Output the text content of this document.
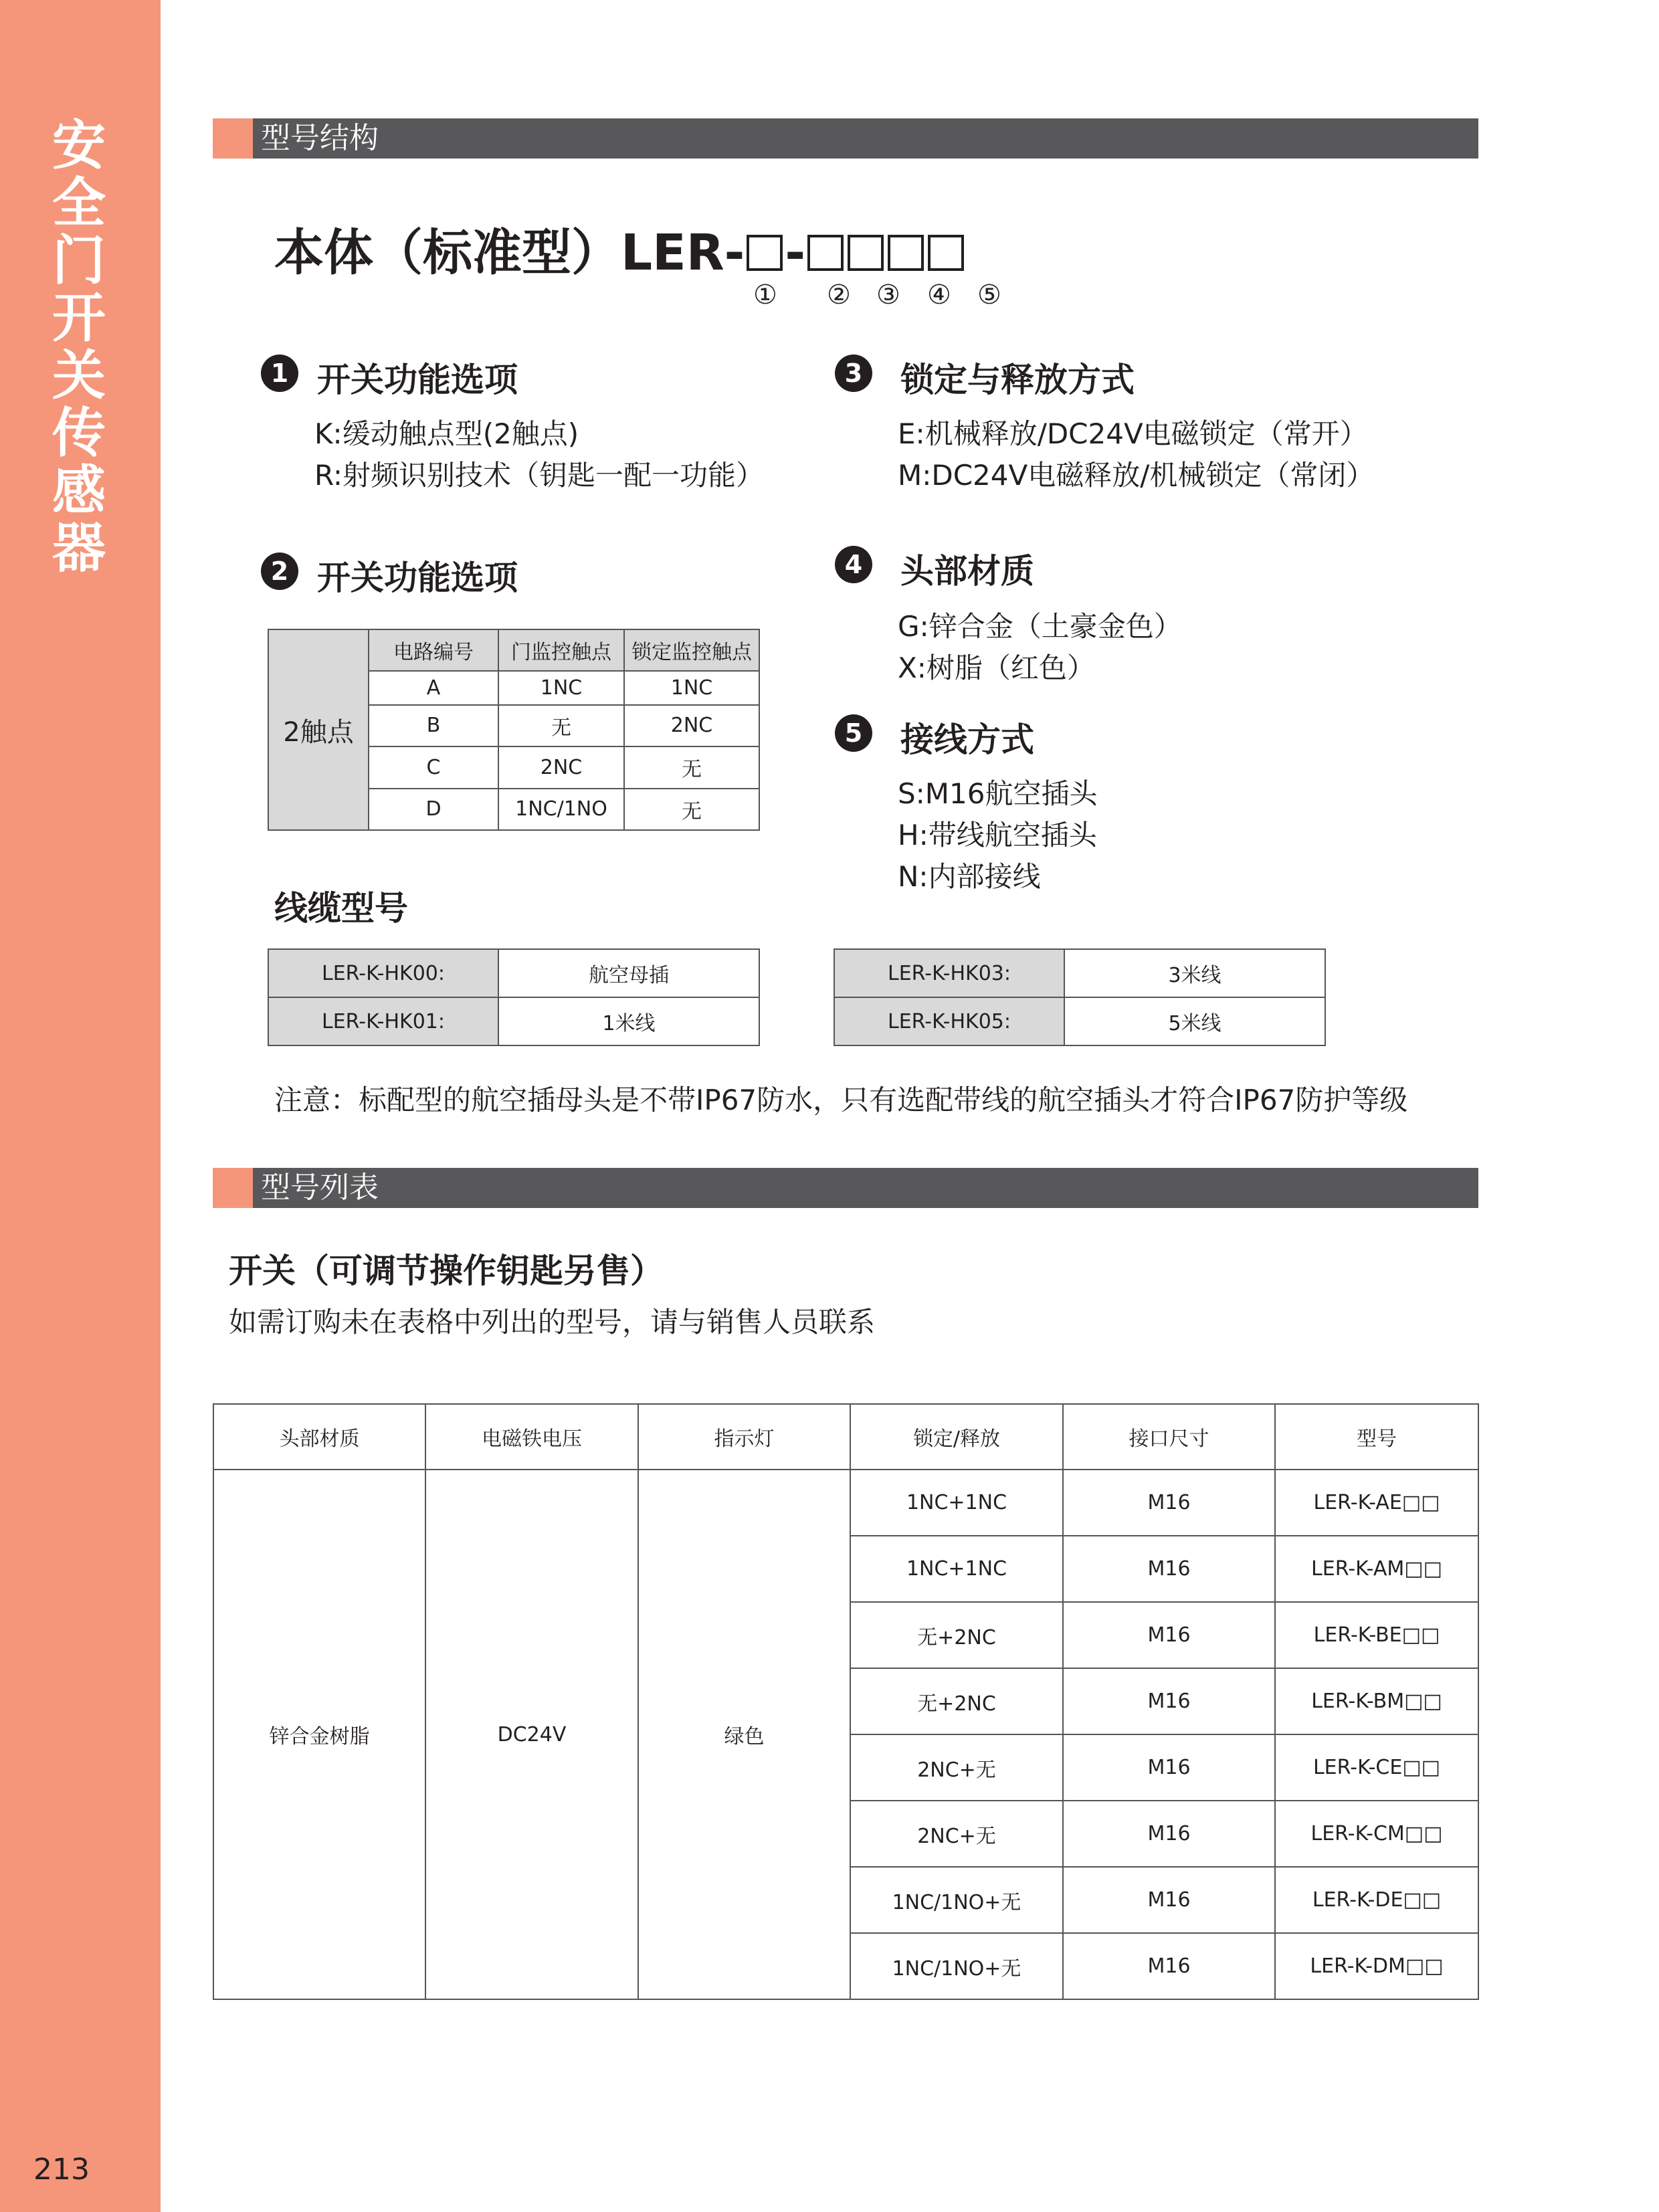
安
全
门
开
关
传
感
器
213
型号结构
本体（标准型）LER- -
① ② ③ ④ ⑤
1 开关功能选项
K:缓动触点型(2触点)
R:射频识别技术（钥匙一配一功能）
3 锁定与释放方式
E:机械释放/DC24V电磁锁定（常开）
M:DC24V电磁释放/机械锁定（常闭）
2 开关功能选项	4 头部材质
G:锌合金（土豪金色）
X:树脂（红色）
5 接线方式
S:M16航空插头
H:带线航空插头
N:内部接线
2触点	电路编号	门监控触点	锁定监控触点
	A	1NC	1NC
	B	无	2NC
	C	2NC	无
	D	1NC/1NO	无
线缆型号
LER-K-HK00:	航空母插
LER-K-HK01:	1米线
LER-K-HK03:	3米线
LER-K-HK05:	5米线
注意：标配型的航空插母头是不带IP67防水，只有选配带线的航空插头才符合IP67防护等级
型号列表
开关（可调节操作钥匙另售）
如需订购未在表格中列出的型号，请与销售人员联系
头部材质	电磁铁电压	指示灯	锁定/释放	接口尺寸	型号
锌合金树脂	DC24V	绿色	1NC+1NC	M16	LER-K-AE□□
			1NC+1NC	M16	LER-K-AM□□
			无+2NC	M16	LER-K-BE□□
			无+2NC	M16	LER-K-BM□□
			2NC+无	M16	LER-K-CE□□
			2NC+无	M16	LER-K-CM□□
			1NC/1NO+无	M16	LER-K-DE□□
			1NC/1NO+无	M16	LER-K-DM□□
